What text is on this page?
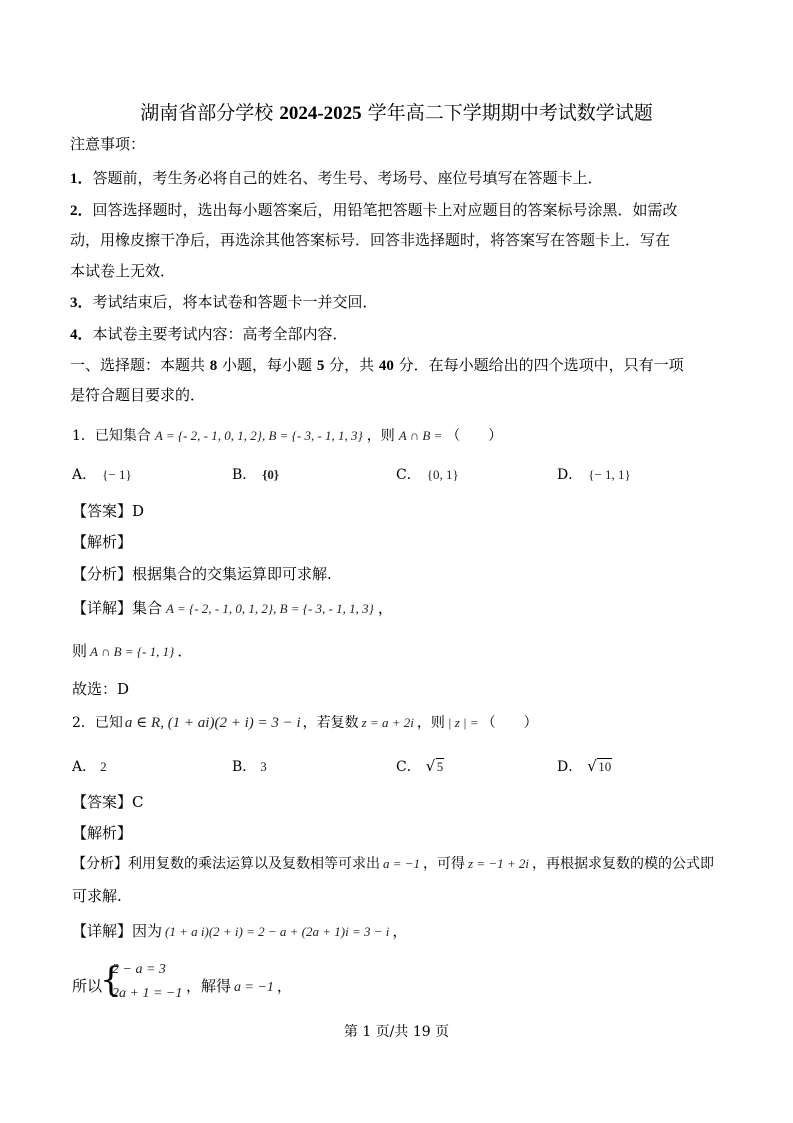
湖南省部分学校 2024-2025 学年高二下学期期中考试数学试题
注意事项：
1．答题前，考生务必将自己的姓名、考生号、考场号、座位号填写在答题卡上．
2．回答选择题时，选出每小题答案后，用铅笔把答题卡上对应题目的答案标号涂黑．如需改
动，用橡皮擦干净后，再选涂其他答案标号．回答非选择题时，将答案写在答题卡上．写在
本试卷上无效．
3．考试结束后，将本试卷和答题卡一并交回．
4．本试卷主要考试内容：高考全部内容．
一、选择题：本题共 8 小题，每小题 5 分，共 40 分．在每小题给出的四个选项中，只有一项
是符合题目要求的．
1．已知集合 A = {- 2, - 1, 0, 1, 2}, B = {- 3, - 1, 1, 3} ，则 A ∩ B = （　　）
A． {− 1}	B． {0}	C． {0, 1}	D． {− 1, 1}
【答案】D
【解析】
【分析】根据集合的交集运算即可求解.
【详解】集合 A = {- 2, - 1, 0, 1, 2}, B = {- 3, - 1, 1, 3} ，
则 A ∩ B = {- 1, 1} ．
故选：D
2．已知 a ∈ R, (1 + ai)(2 + i) = 3 − i ，若复数 z = a + 2i ，则 | z | = （　　）
A． 2	B． 3	C． √ 5	D． √ 10
【答案】C
【解析】
【分析】利用复数的乘法运算以及复数相等可求出 a = −1 ，可得 z = −1 + 2i ，再根据求复数的模的公式即
可求解.
【详解】因为 (1 + a i)(2 + i) = 2 − a + (2a + 1)i = 3 − i ，
所以
{
2 − a = 3
2a + 1 = −1 ，解得 a = −1 ，
第 1 页/共 19 页
